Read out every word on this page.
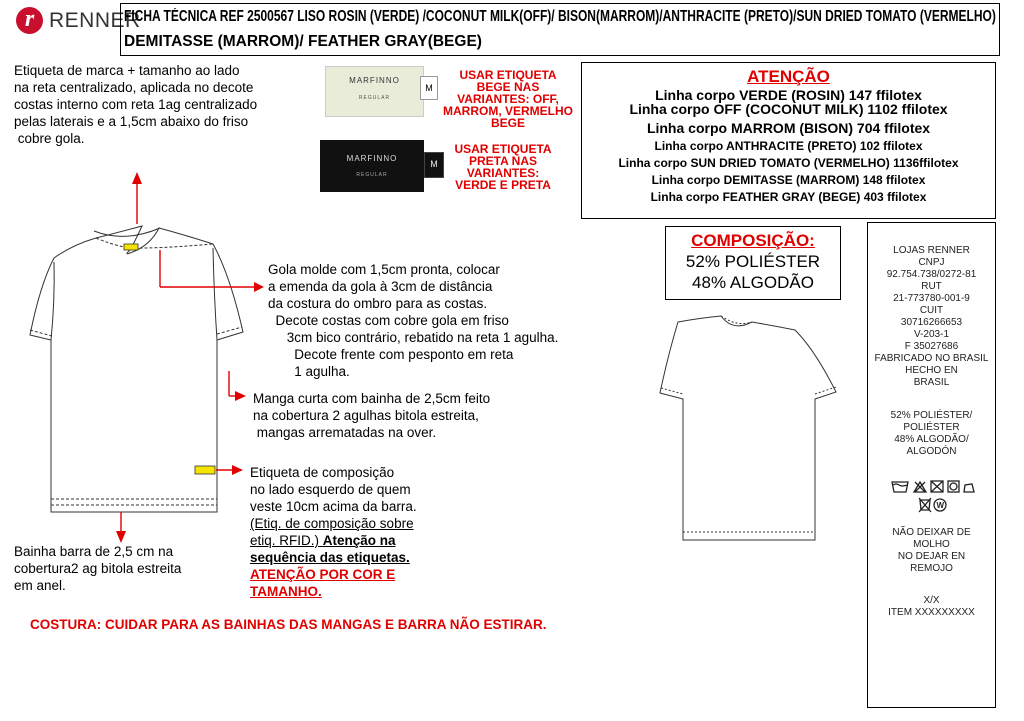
r RENNER
FICHA TÉCNICA REF 2500567 LISO ROSIN (VERDE) /COCONUT MILK(OFF)/ BISON(MARROM)/ANTHRACITE (PRETO)/SUN DRIED TOMATO (VERMELHO)
DEMITASSE (MARROM)/ FEATHER GRAY(BEGE)
Etiqueta de marca + tamanho ao lado
na reta centralizado, aplicada no decote
costas interno com reta 1ag centralizado
pelas laterais e a 1,5cm abaixo do friso
cobre gola.
Gola molde com 1,5cm pronta, colocar
a emenda da gola à 3cm de distância
da costura do ombro para as costas.
Decote costas com cobre gola em friso
3cm bico contrário, rebatido na reta 1 agulha.
Decote frente com pesponto em reta
1 agulha.
Manga curta com bainha de 2,5cm feito
na cobertura 2 agulhas bitola estreita,
mangas arrematadas na over.
Etiqueta de composição
no lado esquerdo de quem
veste 10cm acima da barra.
(Etiq. de composição sobre
etiq. RFID.) Atenção na
sequência das etiquetas.
ATENÇÃO POR COR E
TAMANHO.
Bainha barra de 2,5 cm na
cobertura2 ag bitola estreita
em anel.
COSTURA: CUIDAR PARA AS BAINHAS DAS MANGAS E BARRA NÃO ESTIRAR.
MARFINNO
REGULAR
M
MARFINNO
REGULAR
M
USAR ETIQUETA
BEGE NAS
VARIANTES: OFF,
MARROM, VERMELHO
BEGE
USAR ETIQUETA
PRETA NAS
VARIANTES:
VERDE E PRETA
ATENÇÃO
Linha corpo VERDE (ROSIN) 147 ffilotex
Linha corpo OFF (COCONUT MILK) 1102 ffilotex
Linha corpo MARROM (BISON) 704 ffilotex
Linha corpo ANTHRACITE (PRETO) 102 ffilotex
Linha corpo SUN DRIED TOMATO (VERMELHO) 1136ffilotex
Linha corpo DEMITASSE (MARROM) 148 ffilotex
Linha corpo FEATHER GRAY (BEGE) 403 ffilotex
COMPOSIÇÃO:
52% POLIÉSTER
48% ALGODÃO
LOJAS RENNER
CNPJ
92.754.738/0272-81
RUT
21-773780-001-9
CUIT
30716266653
V-203-1
F 35027686
FABRICADO NO BRASIL
HECHO EN
BRASIL
52% POLIÉSTER/
POLIÉSTER
48% ALGODÃO/
ALGODÓN
W
NÃO DEIXAR DE
MOLHO
NO DEJAR EN
REMOJO
X/X
ITEM XXXXXXXXX
